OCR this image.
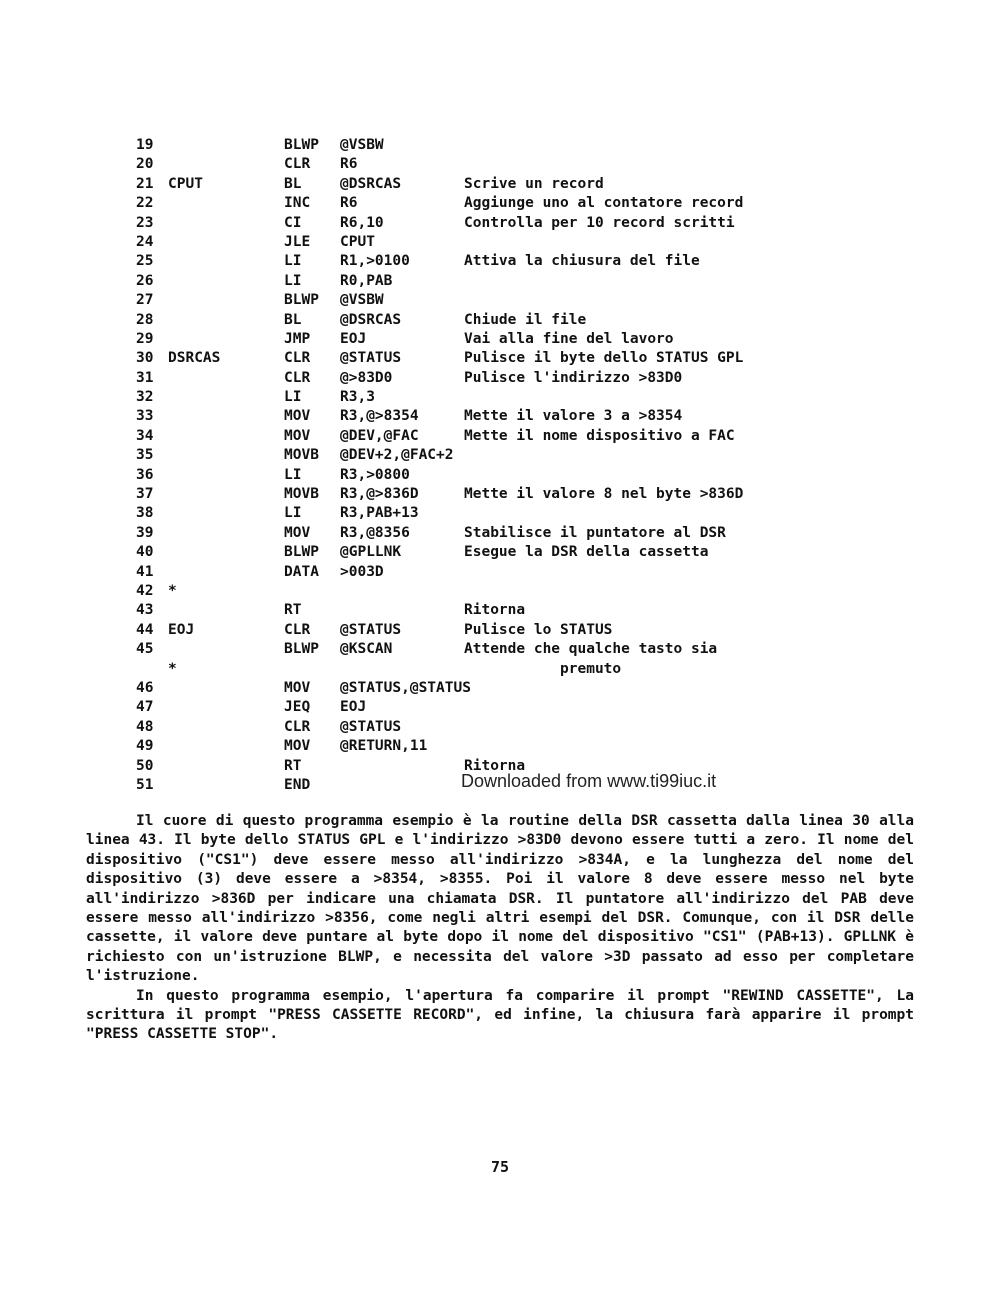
19	BLWP @VSBW
20	CLR R6
21 CPUT	BL	@DSRCAS	Scrive un record
22	INC R6	Aggiunge uno al contatore record
23	CI	R6,10	Controlla per 10 record scritti
24	JLE CPUT
25	LI	R1,>0100	Attiva la chiusura del file
26	LI	R0,PAB
27	BLWP @VSBW
28	BL	@DSRCAS	Chiude il file
29	JMP EOJ	Vai alla fine del lavoro
30 DSRCAS	CLR @STATUS	Pulisce il byte dello STATUS GPL
31	CLR @>83D0	Pulisce l'indirizzo >83D0
32	LI	R3,3
33	MOV R3,@>8354	Mette il valore 3 a >8354
34	MOV @DEV,@FAC	Mette il nome dispositivo a FAC
35	MOVB @DEV+2,@FAC+2
36	LI	R3,>0800
37	MOVB R3,@>836D	Mette il valore 8 nel byte >836D
38	LI	R3,PAB+13
39	MOV R3,@8356	Stabilisce il puntatore al DSR
40	BLWP @GPLLNK	Esegue la DSR della cassetta
41	DATA >003D
42 *
43	RT	Ritorna
44 EOJ	CLR @STATUS	Pulisce lo STATUS
45	BLWP @KSCAN	Attende che qualche tasto sia
*	premuto
46	MOV @STATUS,@STATUS
47	JEQ EOJ
48	CLR @STATUS
49	MOV @RETURN,11
50	RT	Ritorna
51	END	Downloaded from www.ti99iuc.it

Il cuore di questo programma esempio è la routine della DSR cassetta dalla linea 30 alla linea 43. Il byte dello STATUS GPL e l'indirizzo >83D0 devono essere tutti a zero. Il nome del dispositivo ("CS1") deve essere messo all'indirizzo >834A, e la lunghezza del nome del dispositivo (3) deve essere a >8354, >8355. Poi il valore 8 deve essere messo nel byte all'indirizzo >836D per indicare una chiamata DSR. Il puntatore all'indirizzo del PAB deve essere messo all'indirizzo >8356, come negli altri esempi del DSR. Comunque, con il DSR delle cassette, il valore deve puntare al byte dopo il nome del dispositivo "CS1" (PAB+13). GPLLNK è richiesto con un'istruzione BLWP, e necessita del valore >3D passato ad esso per completare l'istruzione.

In questo programma esempio, l'apertura fa comparire il prompt "REWIND CASSETTE", La scrittura il prompt "PRESS CASSETTE RECORD", ed infine, la chiusura farà apparire il prompt "PRESS CASSETTE STOP".

75
